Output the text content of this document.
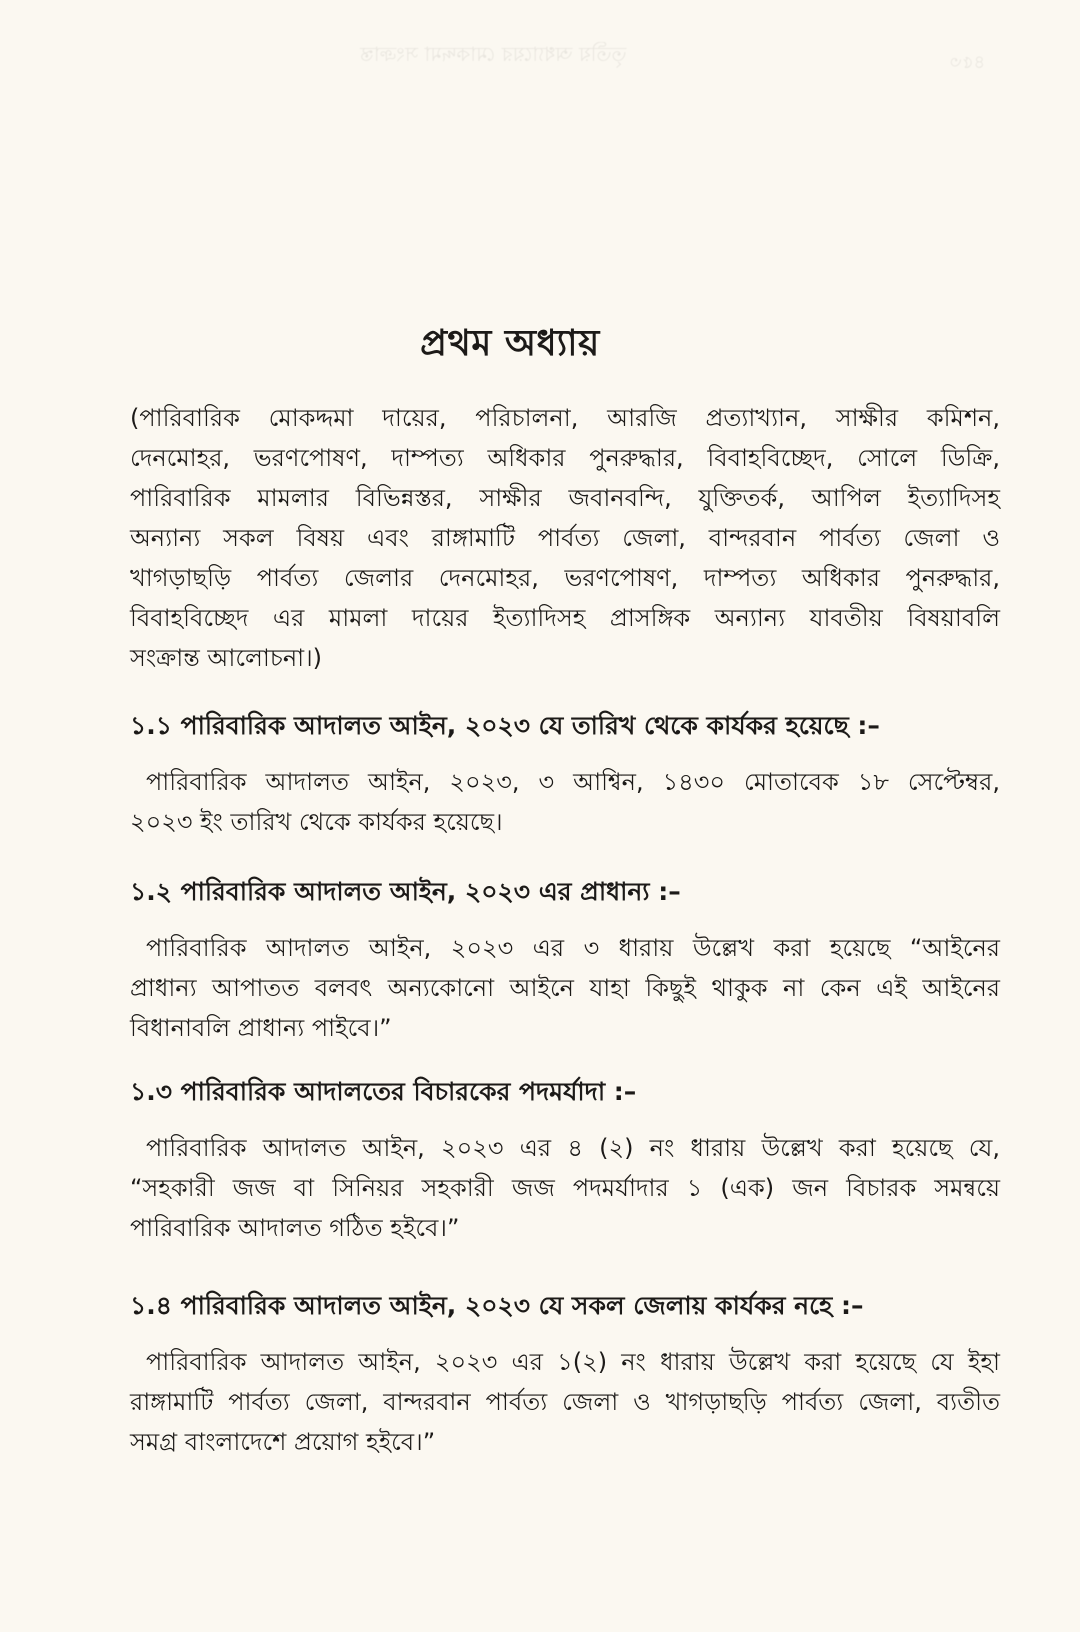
তৃতীয় অধ্যায়ের মোকদ্দমা সংক্রান্ত	৪৫৩
প্রথম অধ্যায়
(পারিবারিক মোকদ্দমা দায়ের, পরিচালনা, আরজি প্রত্যাখ্যান, সাক্ষীর কমিশন,
দেনমোহর, ভরণপোষণ, দাম্পত্য অধিকার পুনরুদ্ধার, বিবাহবিচ্ছেদ, সোলে ডিক্রি,
পারিবারিক মামলার বিভিন্নস্তর, সাক্ষীর জবানবন্দি, যুক্তিতর্ক, আপিল ইত্যাদিসহ
অন্যান্য সকল বিষয় এবং রাঙ্গামাটি পার্বত্য জেলা, বান্দরবান পার্বত্য জেলা ও
খাগড়াছড়ি পার্বত্য জেলার দেনমোহর, ভরণপোষণ, দাম্পত্য অধিকার পুনরুদ্ধার,
বিবাহবিচ্ছেদ এর মামলা দায়ের ইত্যাদিসহ প্রাসঙ্গিক অন্যান্য যাবতীয় বিষয়াবলি
সংক্রান্ত আলোচনা।)
১.১ পারিবারিক আদালত আইন, ২০২৩ যে তারিখ থেকে কার্যকর হয়েছে :–
পারিবারিক আদালত আইন, ২০২৩, ৩ আশ্বিন, ১৪৩০ মোতাবেক ১৮ সেপ্টেম্বর,
২০২৩ ইং তারিখ থেকে কার্যকর হয়েছে।
১.২ পারিবারিক আদালত আইন, ২০২৩ এর প্রাধান্য :–
পারিবারিক আদালত আইন, ২০২৩ এর ৩ ধারায় উল্লেখ করা হয়েছে “আইনের
প্রাধান্য আপাতত বলবৎ অন্যকোনো আইনে যাহা কিছুই থাকুক না কেন এই আইনের
বিধানাবলি প্রাধান্য পাইবে।”
১.৩ পারিবারিক আদালতের বিচারকের পদমর্যাদা :–
পারিবারিক আদালত আইন, ২০২৩ এর ৪ (২) নং ধারায় উল্লেখ করা হয়েছে যে,
“সহকারী জজ বা সিনিয়র সহকারী জজ পদমর্যাদার ১ (এক) জন বিচারক সমন্বয়ে
পারিবারিক আদালত গঠিত হইবে।”
১.৪ পারিবারিক আদালত আইন, ২০২৩ যে সকল জেলায় কার্যকর নহে :–
পারিবারিক আদালত আইন, ২০২৩ এর ১(২) নং ধারায় উল্লেখ করা হয়েছে যে ইহা
রাঙ্গামাটি পার্বত্য জেলা, বান্দরবান পার্বত্য জেলা ও খাগড়াছড়ি পার্বত্য জেলা, ব্যতীত
সমগ্র বাংলাদেশে প্রয়োগ হইবে।”
